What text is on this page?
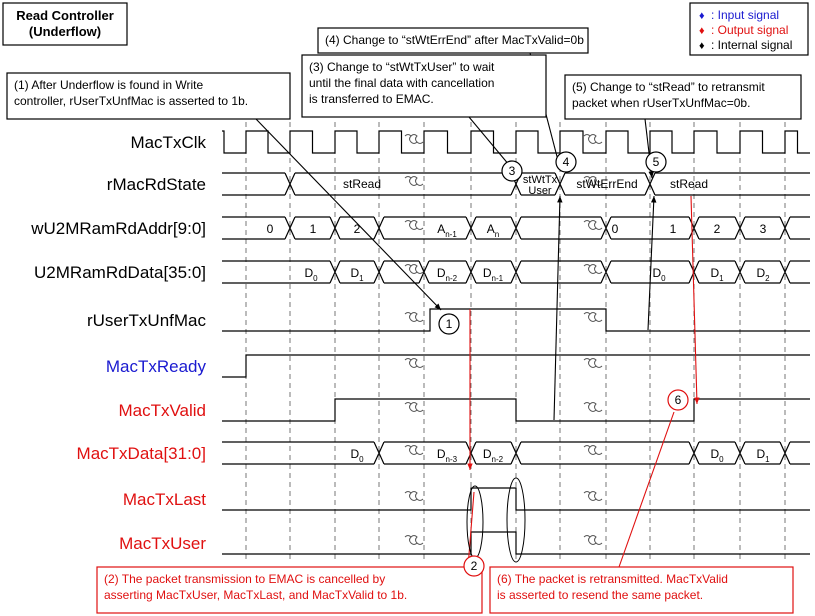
stRead	stWtTx
User stWtErrEnd	stRead
0	1	2	$A_{n-1}$ $A_n$	0	1	2	3
$D_0$	$D_1$	$D_{n-2}$ $D_{n-1}$	$D_0$	$D_1$	$D_2$
$D_0$	$D_{n-3}$ $D_{n-2}$	$D_0$	$D_1$
MacTxClk
rMacRdState
wU2MRamRdAddr[9:0]
U2MRamRdData[35:0]
rUserTxUnfMac
MacTxReady
MacTxValid
MacTxData[31:0]
MacTxLast
MacTxUser
(1) After Underflow is found in Write
controller, rUserTxUnfMac is asserted to 1b.
(2) The packet transmission to EMAC is cancelled by
asserting MacTxUser, MacTxLast, and MacTxValid to 1b.
(3) Change to “stWtTxUser” to wait
until the final data with cancellation
is transferred to EMAC.
(4) Change to “stWtErrEnd” after MacTxValid=0b
(5) Change to “stRead” to retransmit
packet when rUserTxUnfMac=0b.
(6) The packet is retransmitted. MacTxValid
is asserted to resend the same packet.
1
2
3
4	5
6
Read Controller
(Underflow)
♦ : Input signal
♦ : Output signal
♦ : Internal signal
